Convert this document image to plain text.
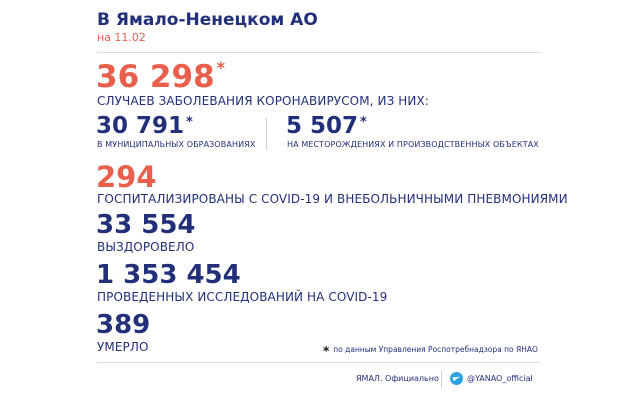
В Ямало-Ненецком АО
на 11.02
36 298 *
СЛУЧАЕВ ЗАБОЛЕВАНИЯ КОРОНАВИРУСОМ, ИЗ НИХ:
30 791 *
В МУНИЦИПАЛЬНЫХ ОБРАЗОВАНИЯХ
5 507 *
НА МЕСТОРОЖДЕНИЯХ И ПРОИЗВОДСТВЕННЫХ ОБЪЕКТАХ
294
ГОСПИТАЛИЗИРОВАНЫ С COVID-19 И ВНЕБОЛЬНИЧНЫМИ ПНЕВМОНИЯМИ
33 554
ВЫЗДОРОВЕЛО
1 353 454
ПРОВЕДЕННЫХ ИССЛЕДОВАНИЙ НА COVID-19
389
УМЕРЛО	* по данным Управления Роспотребнадзора по ЯНАО
ЯМАЛ. Официально	@YANAO_official
